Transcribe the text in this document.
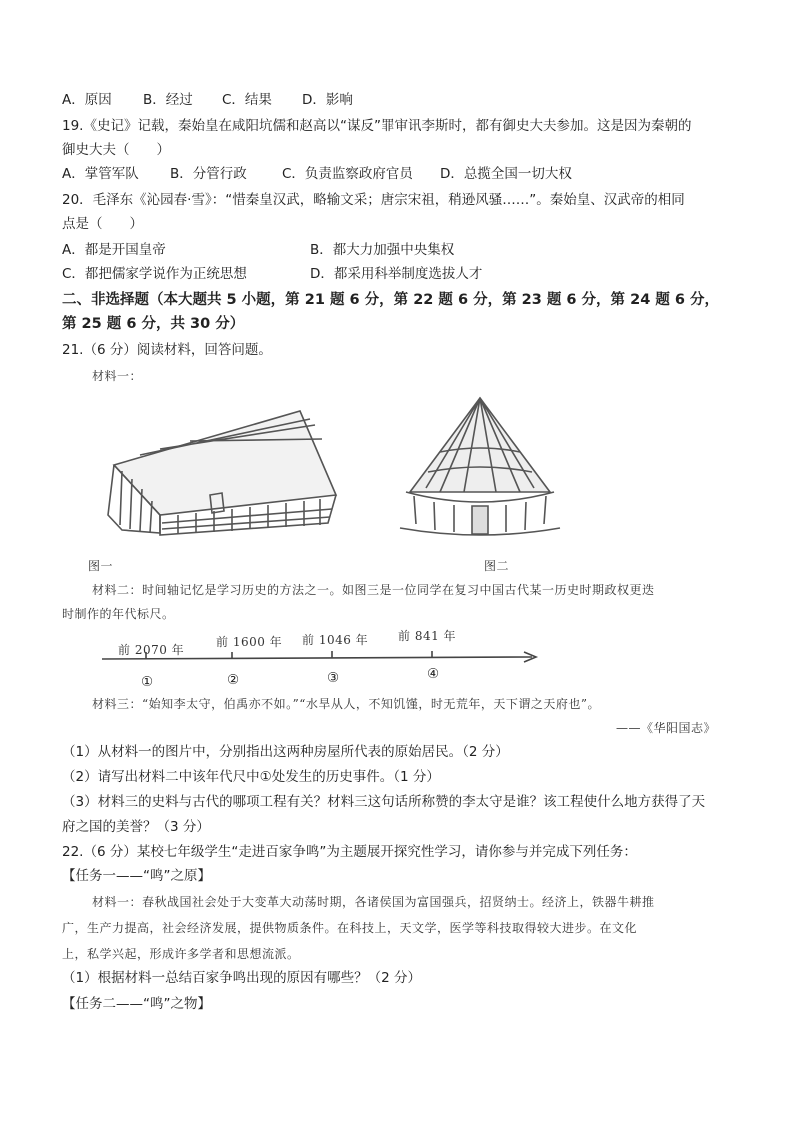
A．原因 B．经过 C．结果 D．影响
19.《史记》记载，秦始皇在咸阳坑儒和赵高以“谋反”罪审讯李斯时，都有御史大夫参加。这是因为秦朝的
御史大夫（　　）
A．掌管军队 B．分管行政	C．负责监察政府官员 D．总揽全国一切大权
20．毛泽东《沁园春·雪》：“惜秦皇汉武，略输文采；唐宗宋祖，稍逊风骚……”。秦始皇、汉武帝的相同
点是（　　）
A．都是开国皇帝	B．都大力加强中央集权
C．都把儒家学说作为正统思想	D．都采用科举制度选拔人才
二、非选择题（本大题共 5 小题，第 21 题 6 分，第 22 题 6 分，第 23 题 6 分，第 24 题 6 分，
第 25 题 6 分，共 30 分）
21.（6 分）阅读材料，回答问题。
材料一：
图一	图二
材料二：时间轴记忆是学习历史的方法之一。如图三是一位同学在复习中国古代某一历史时期政权更迭
时制作的年代标尺。
前 2070 年
前 1600 年 前 1046 年 前 841 年
①	②	③	④
材料三：“始知李太守，伯禹亦不如。”“水旱从人，不知饥馑，时无荒年，天下谓之天府也”。
——《华阳国志》
（1）从材料一的图片中，分别指出这两种房屋所代表的原始居民。（2 分）
（2）请写出材料二中该年代尺中①处发生的历史事件。（1 分）
（3）材料三的史料与古代的哪项工程有关？材料三这句话所称赞的李太守是谁？该工程使什么地方获得了天
府之国的美誉？（3 分）
22.（6 分）某校七年级学生“走进百家争鸣”为主题展开探究性学习，请你参与并完成下列任务：
【任务一——“鸣”之原】
材料一：春秋战国社会处于大变革大动荡时期，各诸侯国为富国强兵，招贤纳士。经济上，铁器牛耕推
广，生产力提高，社会经济发展，提供物质条件。在科技上，天文学，医学等科技取得较大进步。在文化
上，私学兴起，形成许多学者和思想流派。
（1）根据材料一总结百家争鸣出现的原因有哪些？（2 分）
【任务二——“鸣”之物】
